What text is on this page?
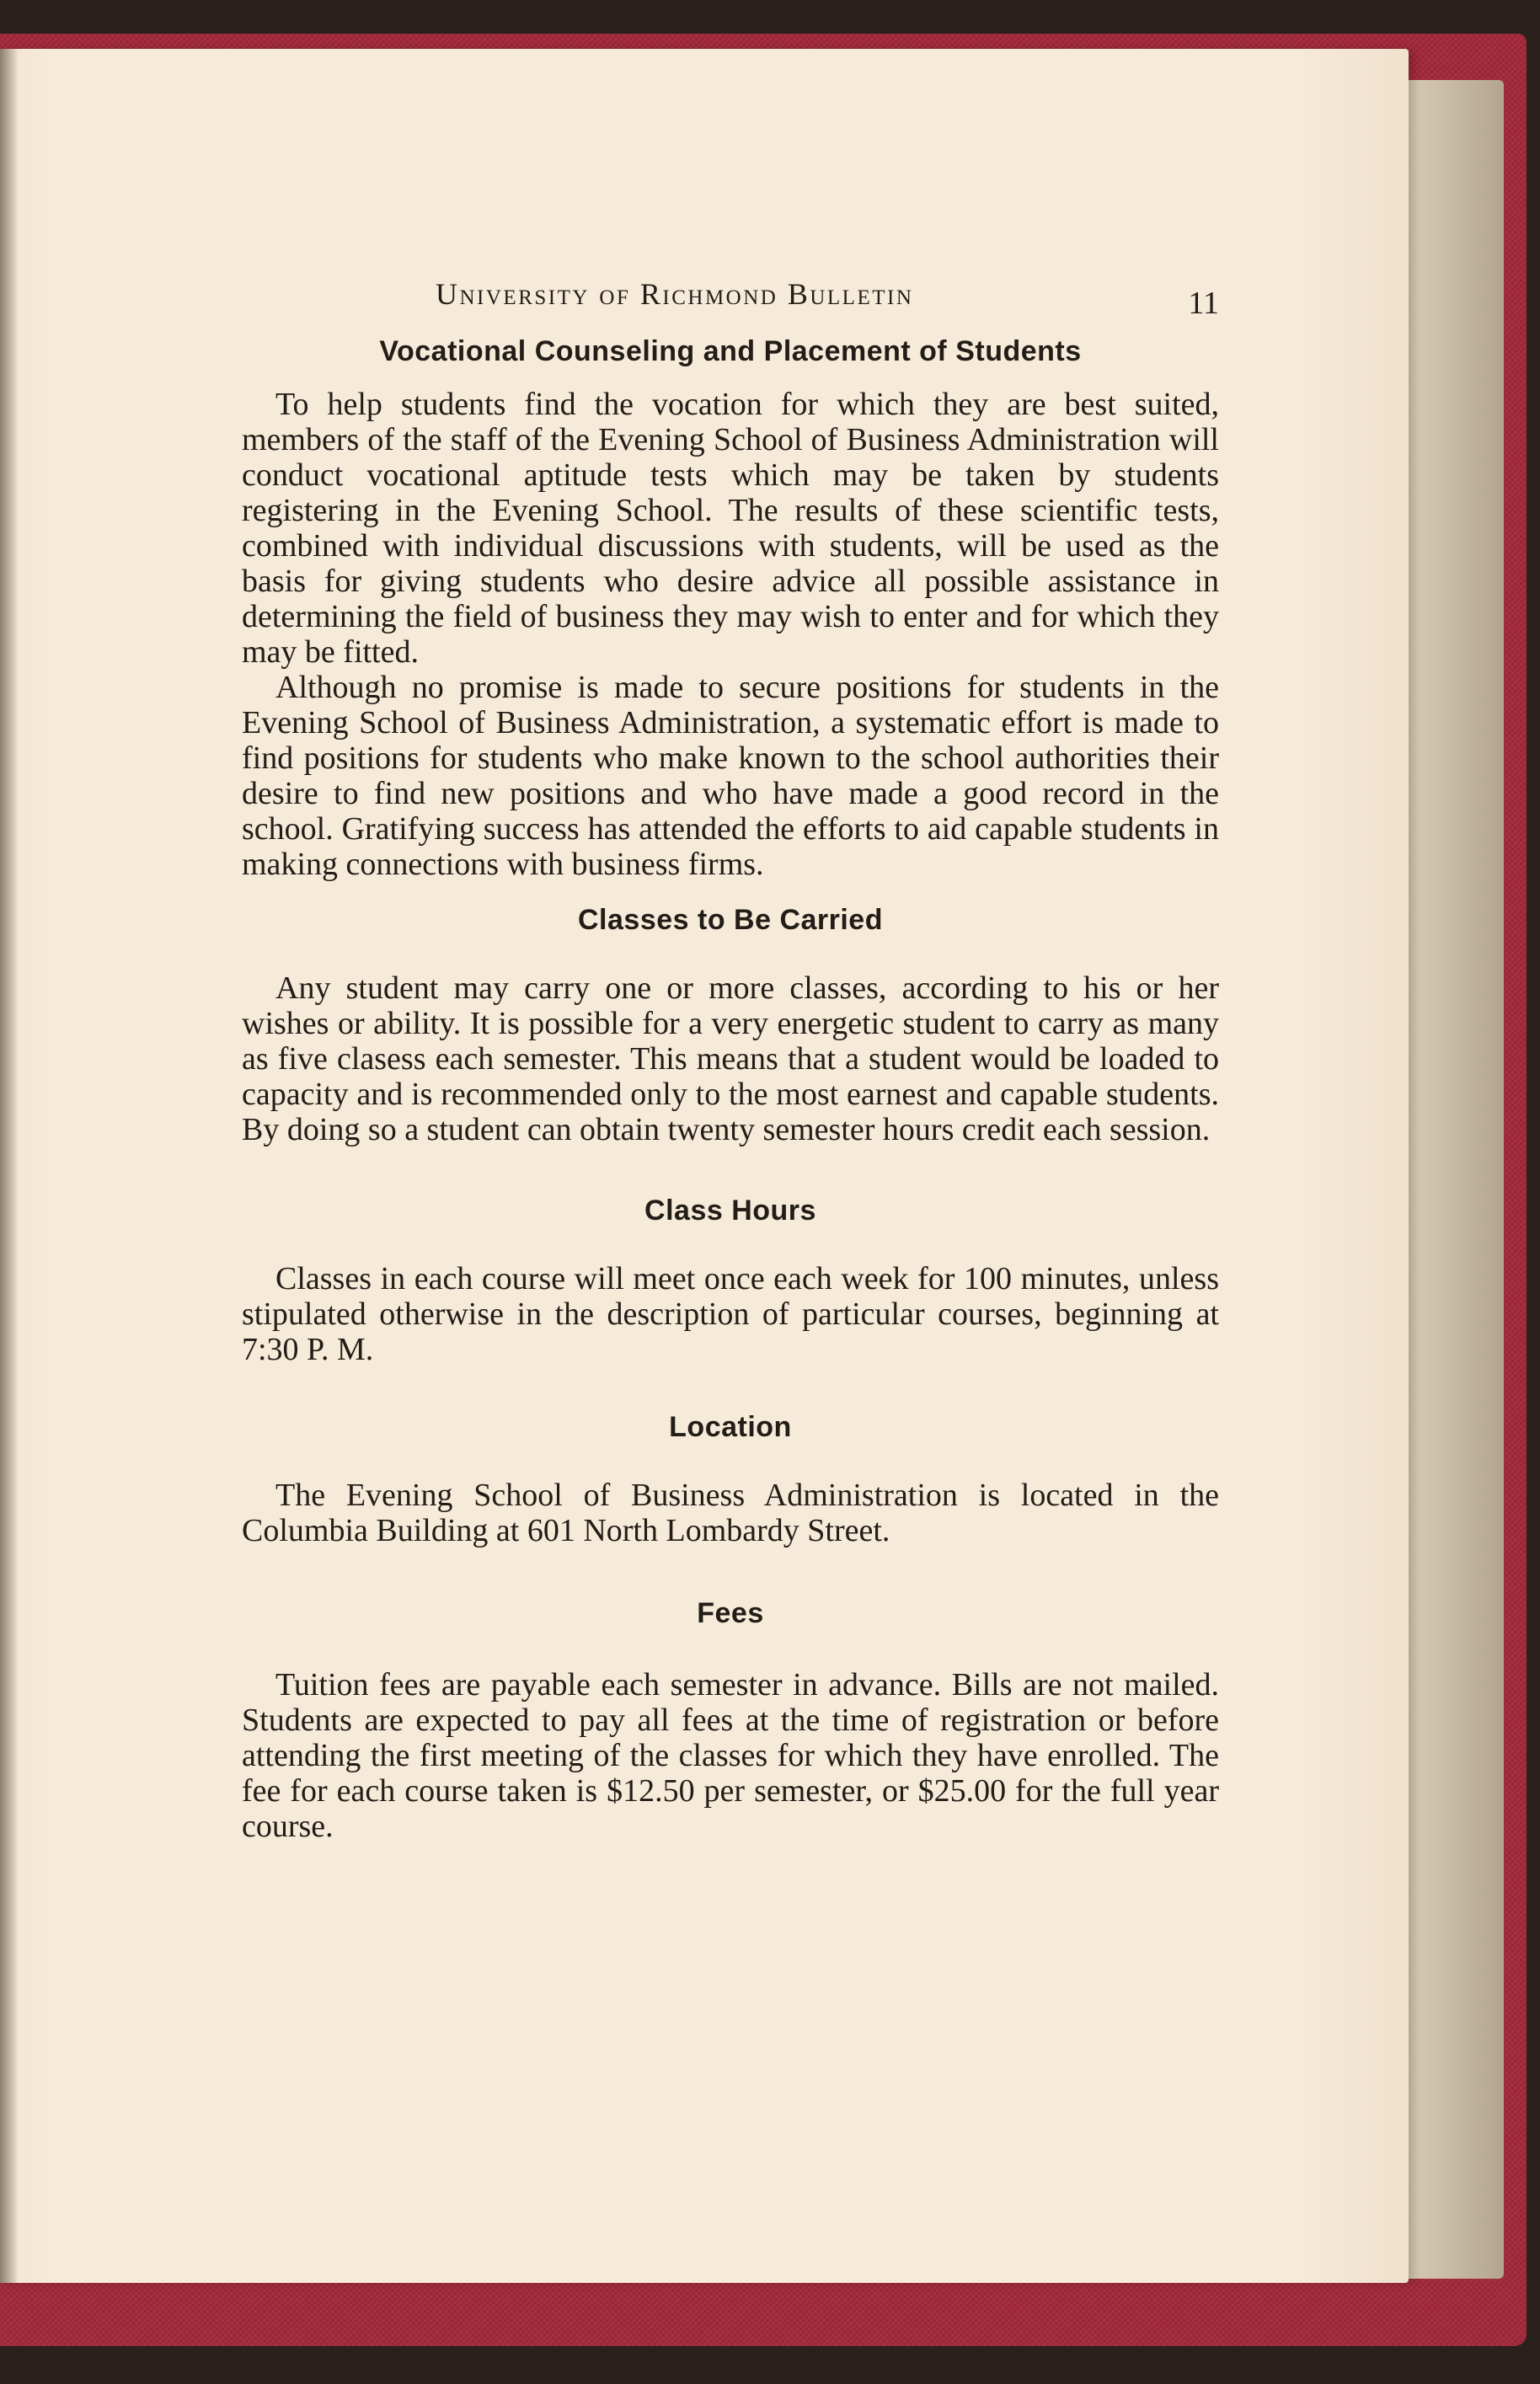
University of Richmond Bulletin	11
Vocational Counseling and Placement of Students

To help students find the vocation for which they are best suited, members of the staff of the Evening School of Business Administration will conduct vocational aptitude tests which may be taken by students registering in the Evening School. The results of these scientific tests, combined with individual discussions with students, will be used as the basis for giving students who desire advice all possible assistance in determining the field of business they may wish to enter and for which they may be fitted.

Although no promise is made to secure positions for students in the Evening School of Business Administration, a systematic effort is made to find positions for students who make known to the school authorities their desire to find new positions and who have made a good record in the school. Gratifying success has attended the efforts to aid capable students in making connections with business firms.

Classes to Be Carried

Any student may carry one or more classes, according to his or her wishes or ability. It is possible for a very energetic student to carry as many as five clasess each semester. This means that a student would be loaded to capacity and is recommended only to the most earnest and capable students. By doing so a student can obtain twenty semester hours credit each session.

Class Hours

Classes in each course will meet once each week for 100 minutes, unless stipulated otherwise in the description of particular courses, beginning at 7:30 P. M.

Location

The Evening School of Business Administration is located in the Columbia Building at 601 North Lombardy Street.

Fees

Tuition fees are payable each semester in advance. Bills are not mailed. Students are expected to pay all fees at the time of registration or before attending the first meeting of the classes for which they have enrolled. The fee for each course taken is $12.50 per semester, or $25.00 for the full year course.
